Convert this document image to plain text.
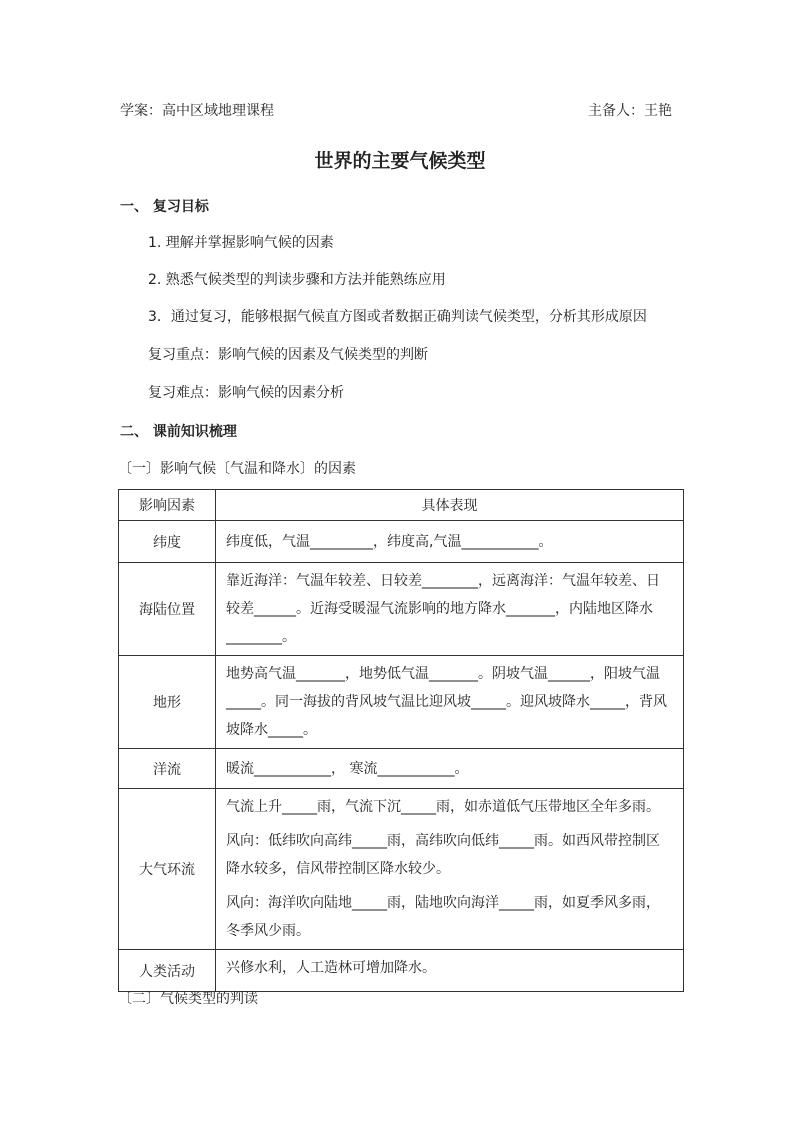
学案：高中区域地理课程	主备人：王艳
世界的主要气候类型
一、 复习目标
1. 理解并掌握影响气候的因素
2. 熟悉气候类型的判读步骤和方法并能熟练应用
3．通过复习，能够根据气候直方图或者数据正确判读气候类型，分析其形成原因
复习重点：影响气候的因素及气候类型的判断
复习难点：影响气候的因素分析
二、 课前知识梳理
〔一〕影响气候〔气温和降水〕的因素
影响因素	具体表现
纬度	纬度低，气温_________，纬度高,气温___________。

海陆位置	靠近海洋：气温年较差、日较差________，远离海洋：气温年较差、日较差______。近海受暖湿气流影响的地方降水_______，内陆地区降水________。

地形	地势高气温_______，地势低气温_______。阴坡气温______，阳坡气温_____。同一海拔的背风坡气温比迎风坡_____。迎风坡降水_____，背风坡降水_____。

洋流	暖流___________， 寒流___________。

大气环流	气流上升_____雨，气流下沉_____雨，如赤道低气压带地区全年多雨。

风向：低纬吹向高纬_____雨，高纬吹向低纬_____雨。如西风带控制区降水较多，信风带控制区降水较少。

风向：海洋吹向陆地_____雨，陆地吹向海洋_____雨，如夏季风多雨，冬季风少雨。

人类活动	兴修水利，人工造林可增加降水。

〔二〕气候类型的判读
